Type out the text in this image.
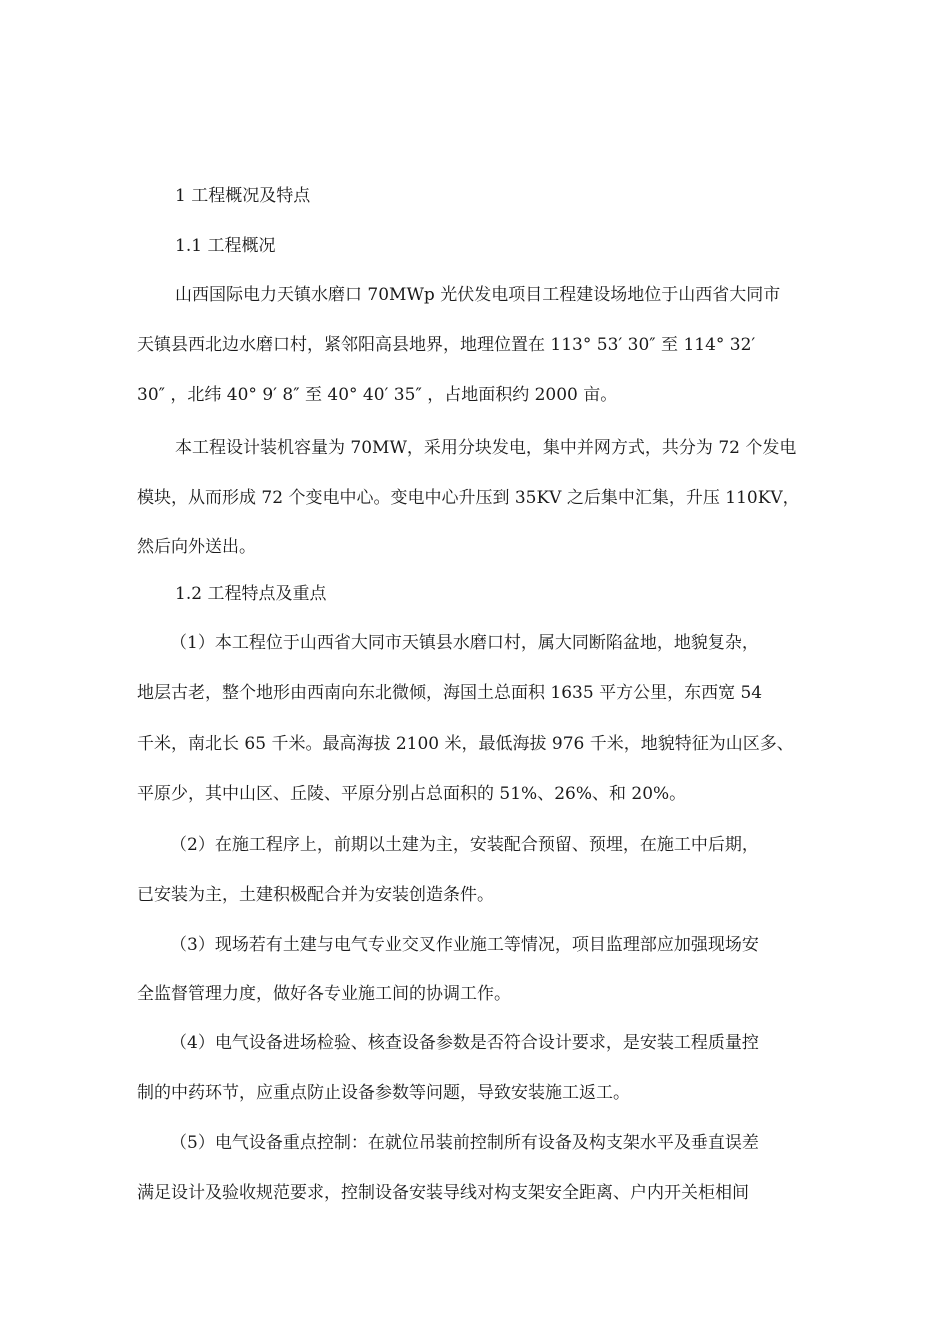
1 工程概况及特点
1.1 工程概况
山西国际电力天镇水磨口 70MWp 光伏发电项目工程建设场地位于山西省大同市
天镇县西北边水磨口村，紧邻阳高县地界，地理位置在 113° 53′ 30″ 至 114° 32′
30″ ，北纬 40° 9′ 8″ 至 40° 40′ 35″ ，占地面积约 2000 亩。
本工程设计装机容量为 70MW，采用分块发电，集中并网方式，共分为 72 个发电
模块，从而形成 72 个变电中心。变电中心升压到 35KV 之后集中汇集，升压 110KV，
然后向外送出。
1.2 工程特点及重点
（1）本工程位于山西省大同市天镇县水磨口村，属大同断陷盆地，地貌复杂，
地层古老，整个地形由西南向东北微倾，海国土总面积 1635 平方公里，东西宽 54
千米，南北长 65 千米。最高海拔 2100 米，最低海拔 976 千米，地貌特征为山区多、
平原少，其中山区、丘陵、平原分别占总面积的 51%、26%、和 20%。
（2）在施工程序上，前期以土建为主，安装配合预留、预埋，在施工中后期，
已安装为主，土建积极配合并为安装创造条件。
（3）现场若有土建与电气专业交叉作业施工等情况，项目监理部应加强现场安
全监督管理力度，做好各专业施工间的协调工作。
（4）电气设备进场检验、核查设备参数是否符合设计要求，是安装工程质量控
制的中药环节，应重点防止设备参数等问题，导致安装施工返工。
（5）电气设备重点控制：在就位吊装前控制所有设备及构支架水平及垂直误差
满足设计及验收规范要求，控制设备安装导线对构支架安全距离、户内开关柜相间
